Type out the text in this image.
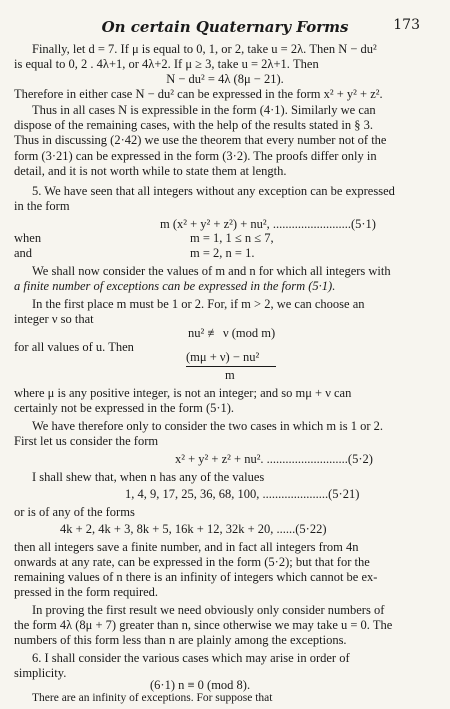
On certain Quaternary Forms	173
Finally, let d = 7. If μ is equal to 0, 1, or 2, take u = 2λ. Then N − du²
is equal to 0, 2 . 4λ+1, or 4λ+2. If μ ≥ 3, take u = 2λ+1. Then
N − du² = 4λ (8μ − 21).
Therefore in either case N − du² can be expressed in the form x² + y² + z².
Thus in all cases N is expressible in the form (4·1). Similarly we can
dispose of the remaining cases, with the help of the results stated in § 3.
Thus in discussing (2·42) we use the theorem that every number not of the
form (3·21) can be expressed in the form (3·2). The proofs differ only in
detail, and it is not worth while to state them at length.
5. We have seen that all integers without any exception can be expressed
in the form
m (x² + y² + z²) + nu², .........................(5·1)
when	m = 1, 1 ≤ n ≤ 7,
and	m = 2, n = 1.
We shall now consider the values of m and n for which all integers with
a finite number of exceptions can be expressed in the form (5·1).
In the first place m must be 1 or 2. For, if m > 2, we can choose an
integer ν so that
nu² ≢ ν (mod m)
for all values of u. Then
(mμ + ν) − nu²
m
where μ is any positive integer, is not an integer; and so mμ + ν can
certainly not be expressed in the form (5·1).
We have therefore only to consider the two cases in which m is 1 or 2.
First let us consider the form
x² + y² + z² + nu². ..........................(5·2)
I shall shew that, when n has any of the values
1, 4, 9, 17, 25, 36, 68, 100, .....................(5·21)
or is of any of the forms
4k + 2, 4k + 3, 8k + 5, 16k + 12, 32k + 20, ......(5·22)
then all integers save a finite number, and in fact all integers from 4n
onwards at any rate, can be expressed in the form (5·2); but that for the
remaining values of n there is an infinity of integers which cannot be ex-
pressed in the form required.
In proving the first result we need obviously only consider numbers of
the form 4λ (8μ + 7) greater than n, since otherwise we may take u = 0. The
numbers of this form less than n are plainly among the exceptions.
6. I shall consider the various cases which may arise in order of
simplicity.
(6·1) n ≡ 0 (mod 8).
There are an infinity of exceptions. For suppose that
